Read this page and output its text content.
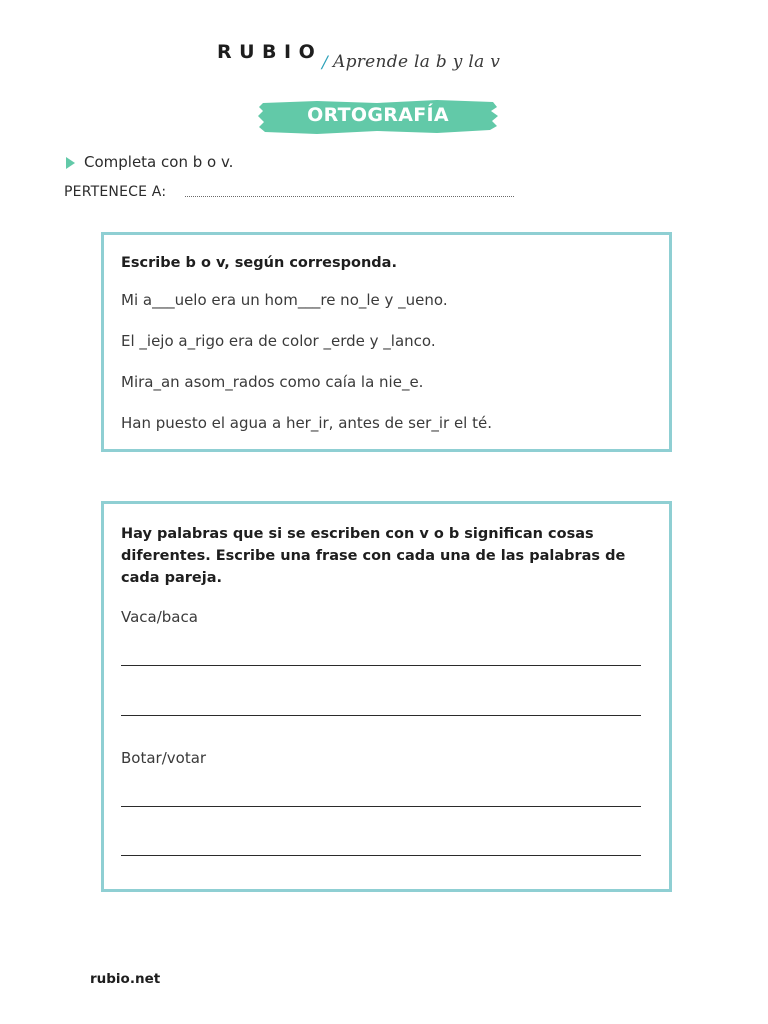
RUBIO / Aprende la b y la v
ORTOGRAFÍA
Completa con b o v.
PERTENECE A:
Escribe b o v, según corresponda.
Mi a___uelo era un hom___re no_le y _ueno.
El _iejo a_rigo era de color _erde y _lanco.
Mira_an asom_rados como caía la nie_e.
Han puesto el agua a her_ir, antes de ser_ir el té.
Hay palabras que si se escriben con v o b significan cosas diferentes. Escribe una frase con cada una de las palabras de cada pareja.
Vaca/baca
Botar/votar
rubio.net
